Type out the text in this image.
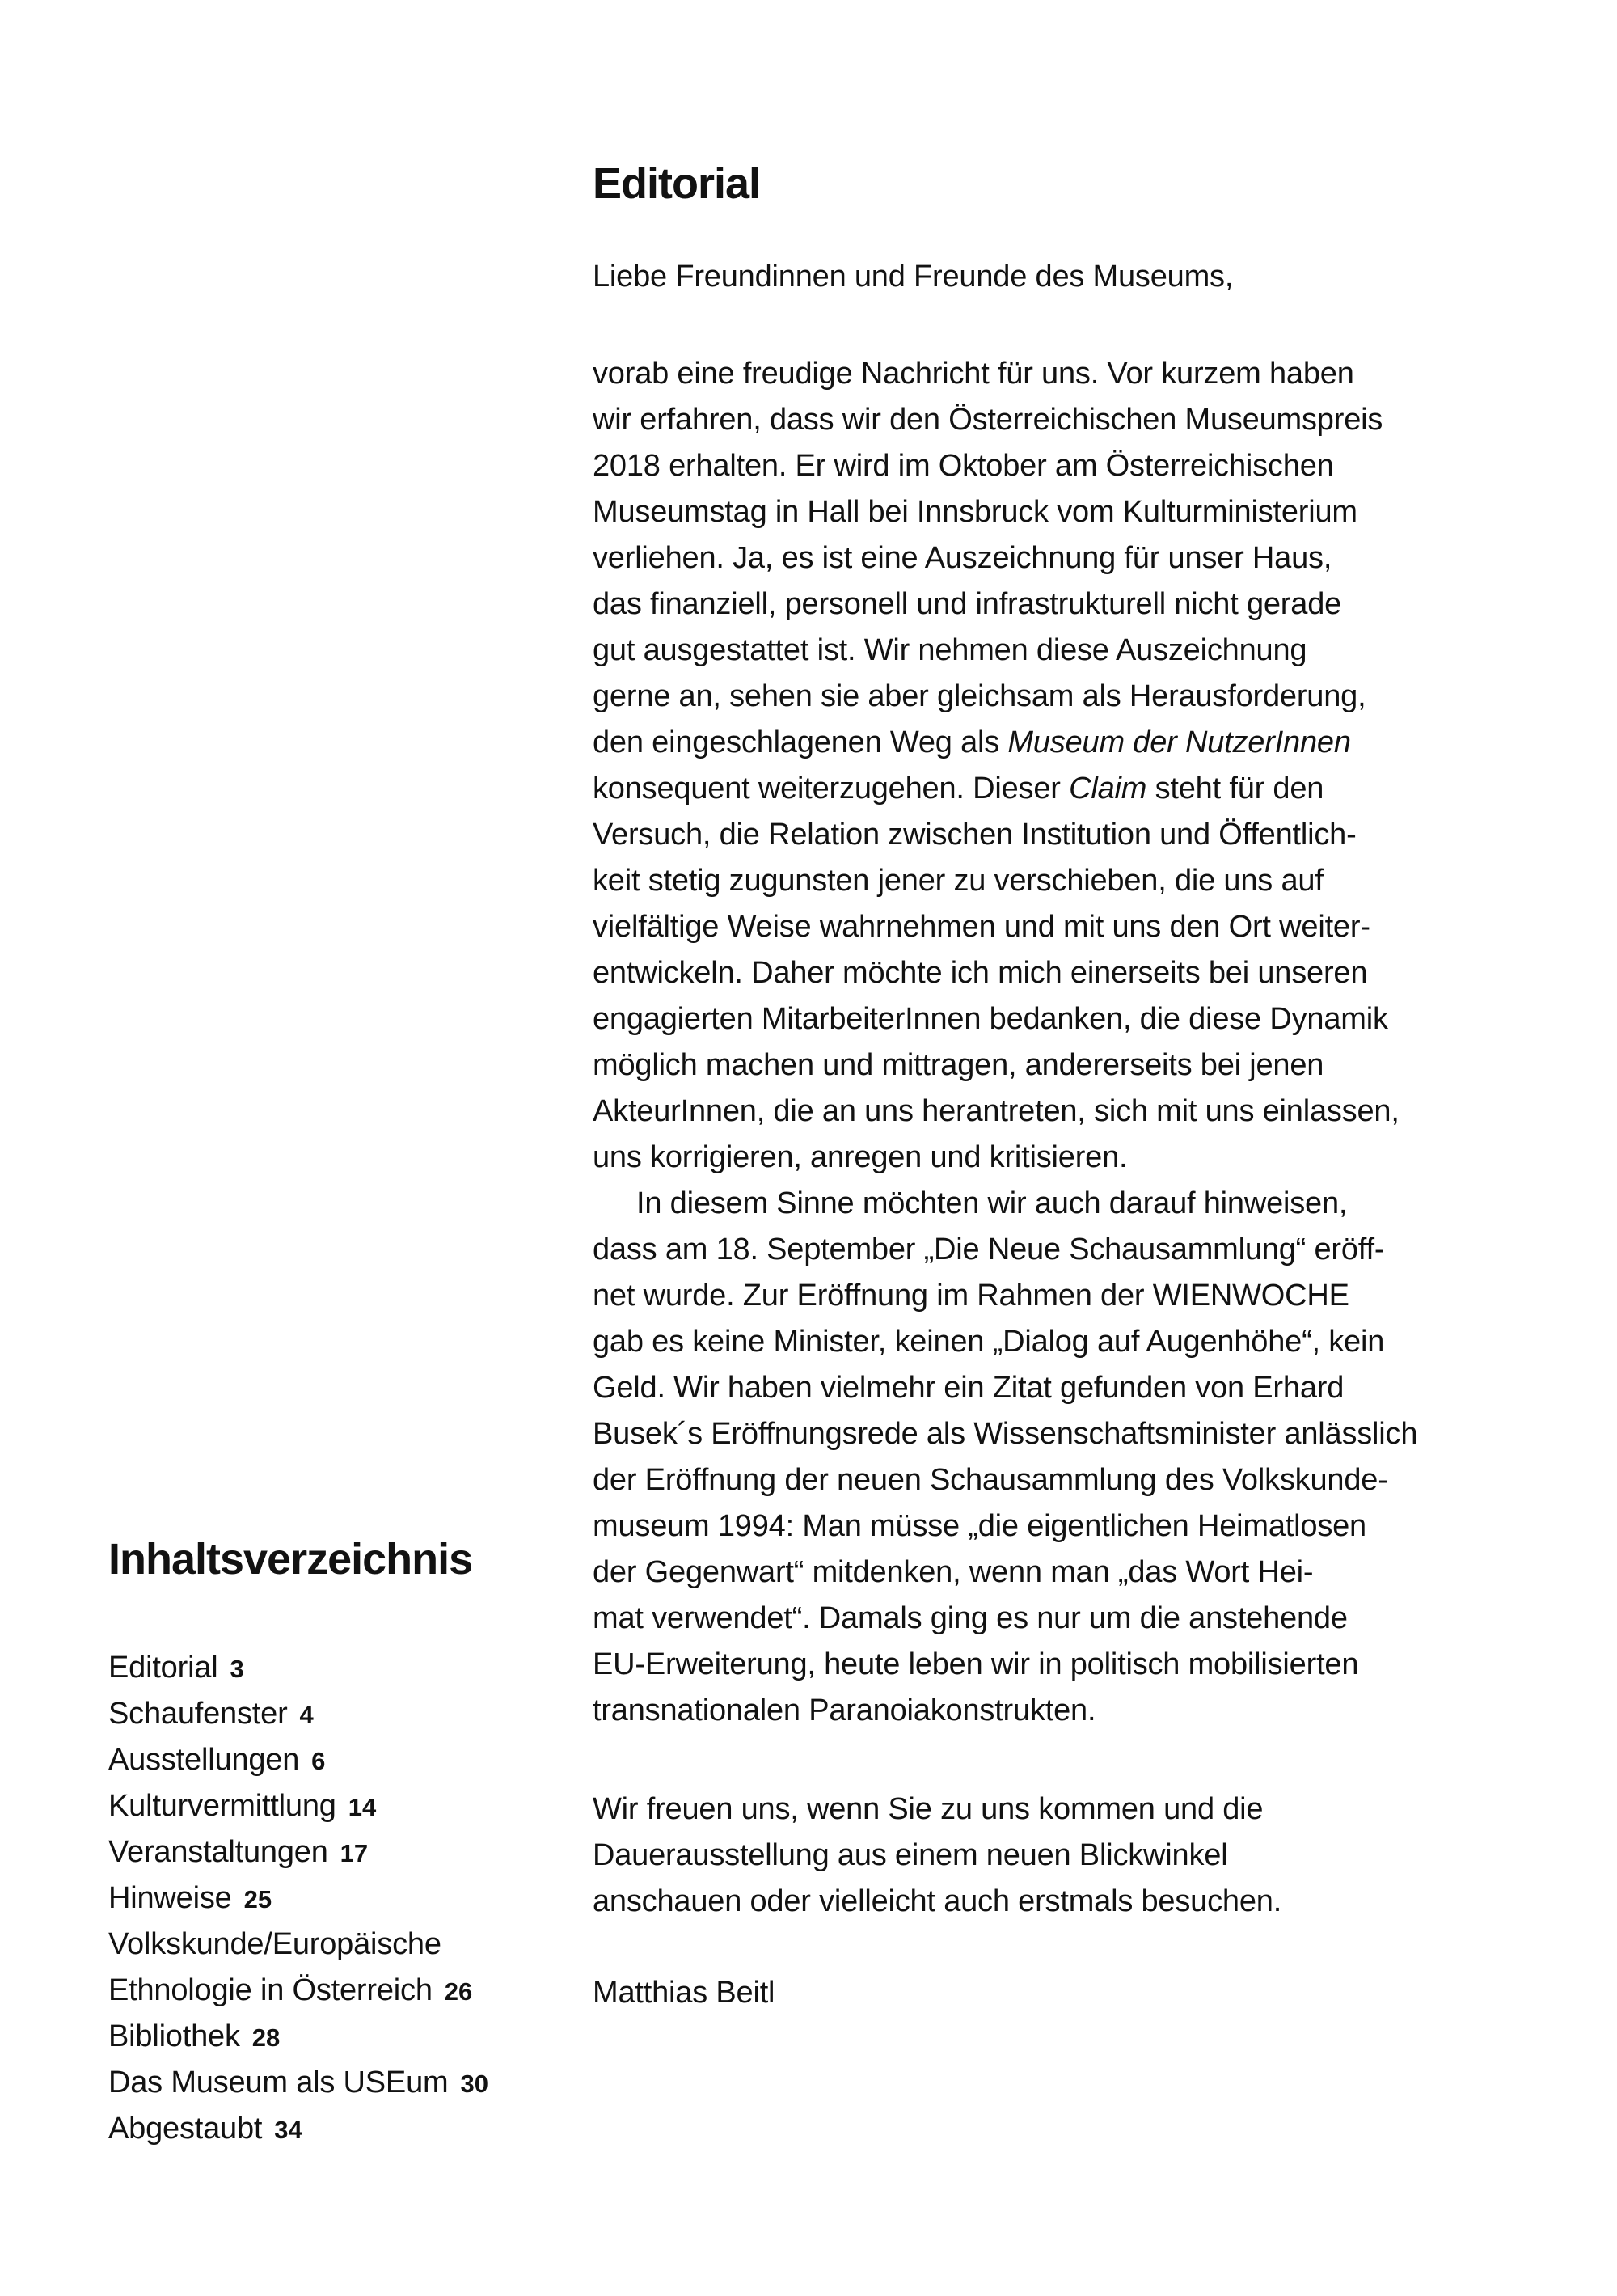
Inhaltsverzeichnis
Editorial 3
Schaufenster 4
Ausstellungen 6
Kulturvermittlung 14
Veranstaltungen 17
Hinweise 25
Volkskunde/Europäische
Ethnologie in Österreich 26
Bibliothek 28
Das Museum als USEum 30
Abgestaubt 34
Editorial
Liebe Freundinnen und Freunde des Museums,
vorab eine freudige Nachricht für uns. Vor kurzem haben
wir erfahren, dass wir den Österreichischen Museumspreis
2018 erhalten. Er wird im Oktober am Österreichischen
Museumstag in Hall bei Innsbruck vom Kulturministerium
verliehen. Ja, es ist eine Auszeichnung für unser Haus,
das finanziell, personell und infrastrukturell nicht gerade
gut ausgestattet ist. Wir nehmen diese Auszeichnung
gerne an, sehen sie aber gleichsam als Herausforderung,
den eingeschlagenen Weg als Museum der NutzerInnen
konsequent weiterzugehen. Dieser Claim steht für den
Versuch, die Relation zwischen Institution und Öffentlich-
keit stetig zugunsten jener zu verschieben, die uns auf
vielfältige Weise wahrnehmen und mit uns den Ort weiter-
entwickeln. Daher möchte ich mich einerseits bei unseren
engagierten MitarbeiterInnen bedanken, die diese Dynamik
möglich machen und mittragen, andererseits bei jenen
AkteurInnen, die an uns herantreten, sich mit uns einlassen,
uns korrigieren, anregen und kritisieren.
In diesem Sinne möchten wir auch darauf hinweisen,
dass am 18. September „Die Neue Schausammlung“ eröff-
net wurde. Zur Eröffnung im Rahmen der WIENWOCHE
gab es keine Minister, keinen „Dialog auf Augenhöhe“, kein
Geld. Wir haben vielmehr ein Zitat gefunden von Erhard
Busek´s Eröffnungsrede als Wissenschaftsminister anlässlich
der Eröffnung der neuen Schausammlung des Volkskunde-
museum 1994: Man müsse „die eigentlichen Heimatlosen
der Gegenwart“ mitdenken, wenn man „das Wort Hei-
mat verwendet“. Damals ging es nur um die anstehende
EU-Erweiterung, heute leben wir in politisch mobilisierten
transnationalen Paranoiakonstrukten.
Wir freuen uns, wenn Sie zu uns kommen und die
Dauerausstellung aus einem neuen Blickwinkel
anschauen oder vielleicht auch erstmals besuchen.
Matthias Beitl
